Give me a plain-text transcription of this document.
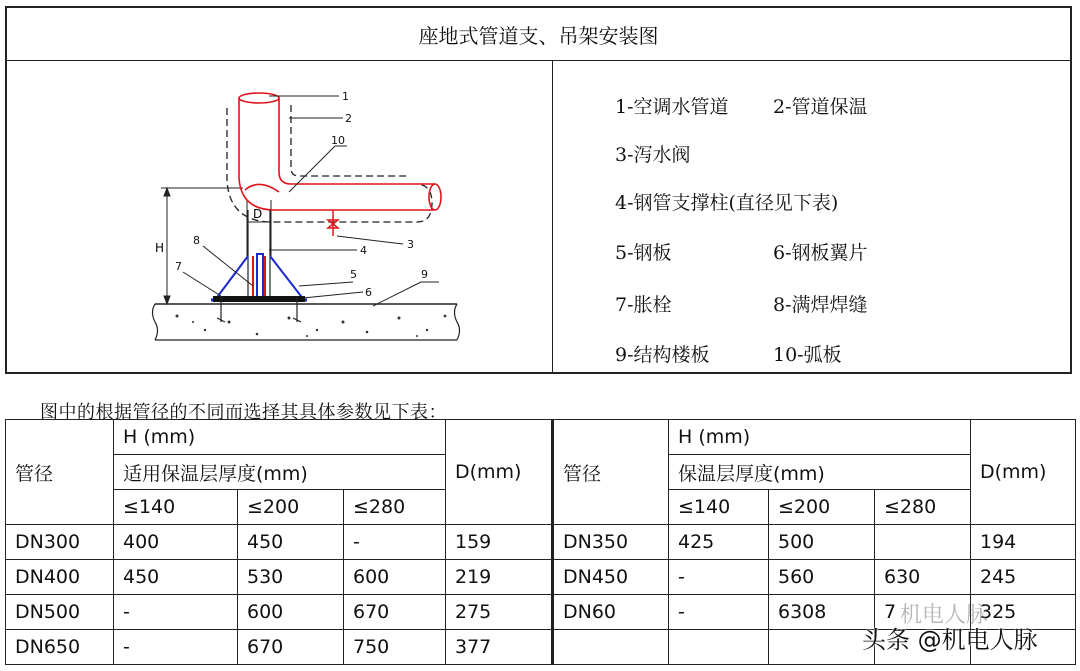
座地式管道支、吊架安装图
H
D
1
2
3
4
5
6
7
8
9
10
1-空调水管道 2-管道保温
3-泻水阀
4-钢管支撑柱(直径见下表)
5-钢板	6-钢板翼片
7-胀栓	8-满焊焊缝
9-结构楼板	10-弧板
图中的根据管径的不同而选择其具体参数见下表：
管径	H (mm)			D(mm)	管径	H (mm)			D(mm)
	适用保温层厚度(mm)					保温层厚度(mm)			
	≤140	≤200	≤280			≤140	≤200	≤280	
DN300	400	450	-	159	DN350	425	500		194
DN400	450	530	600	219	DN450	-	560	630	245
DN500	-	600	670	275	DN60	-	6308	7	325
DN650	-	670	750	377					
机电人脉
头条 @机电人脉
